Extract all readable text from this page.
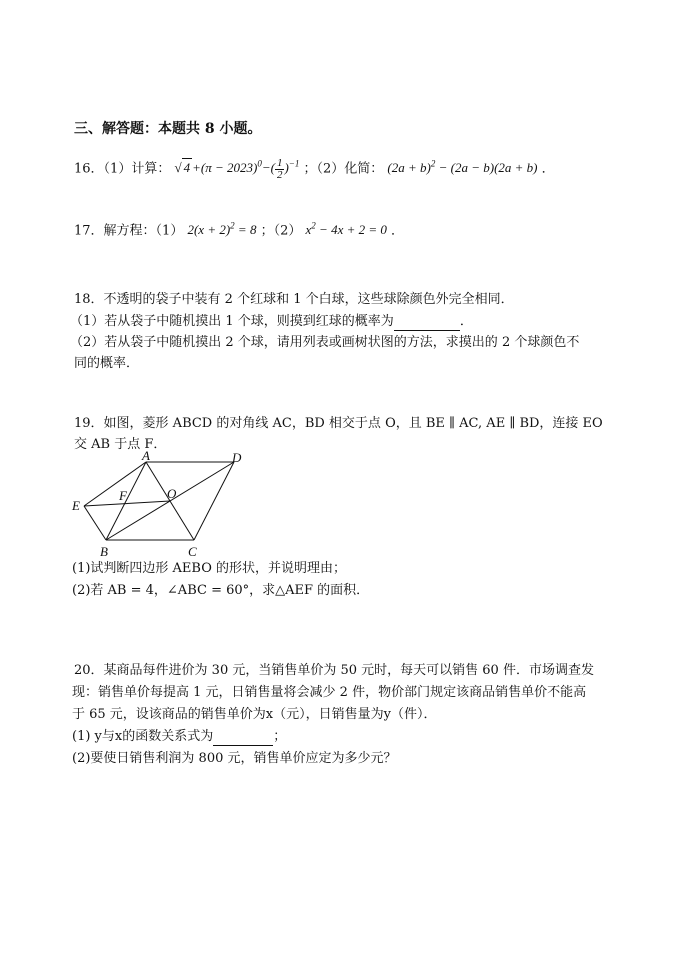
三、解答题：本题共 8 小题。
16．（1）计算： √ $4 +(\pi - 2023)^0-( \frac{1}{2} )^{-1}$ ；（2）化简： $(2a + b)^2 - (2a - b)(2a + b)$ ．
17．解方程：（1） $2(x + 2)^2 = 8$ ；（2） $x^2 - 4x + 2 = 0$ ．
18．不透明的袋子中装有 2 个红球和 1 个白球，这些球除颜色外完全相同．
（1）若从袋子中随机摸出 1 个球，则摸到红球的概率为	．
（2）若从袋子中随机摸出 2 个球，请用列表或画树状图的方法，求摸出的 2 个球颜色不
同的概率．
19．如图，菱形 ABCD 的对角线 AC，BD 相交于点 O，且 BE ∥ AC, AE ∥ BD，连接 EO
交 AB 于点 F．
A	D
E
F	O
B	C
(1)试判断四边形 AEBO 的形状，并说明理由；
(2)若 AB = 4，∠ABC = 60°，求△AEF 的面积．
20．某商品每件进价为 30 元，当销售单价为 50 元时，每天可以销售 60 件．市场调查发
现：销售单价每提高 1 元，日销售量将会减少 2 件，物价部门规定该商品销售单价不能高
于 65 元，设该商品的销售单价为x（元），日销售量为y（件）．
(1) y与x的函数关系式为	；
(2)要使日销售利润为 800 元，销售单价应定为多少元？
